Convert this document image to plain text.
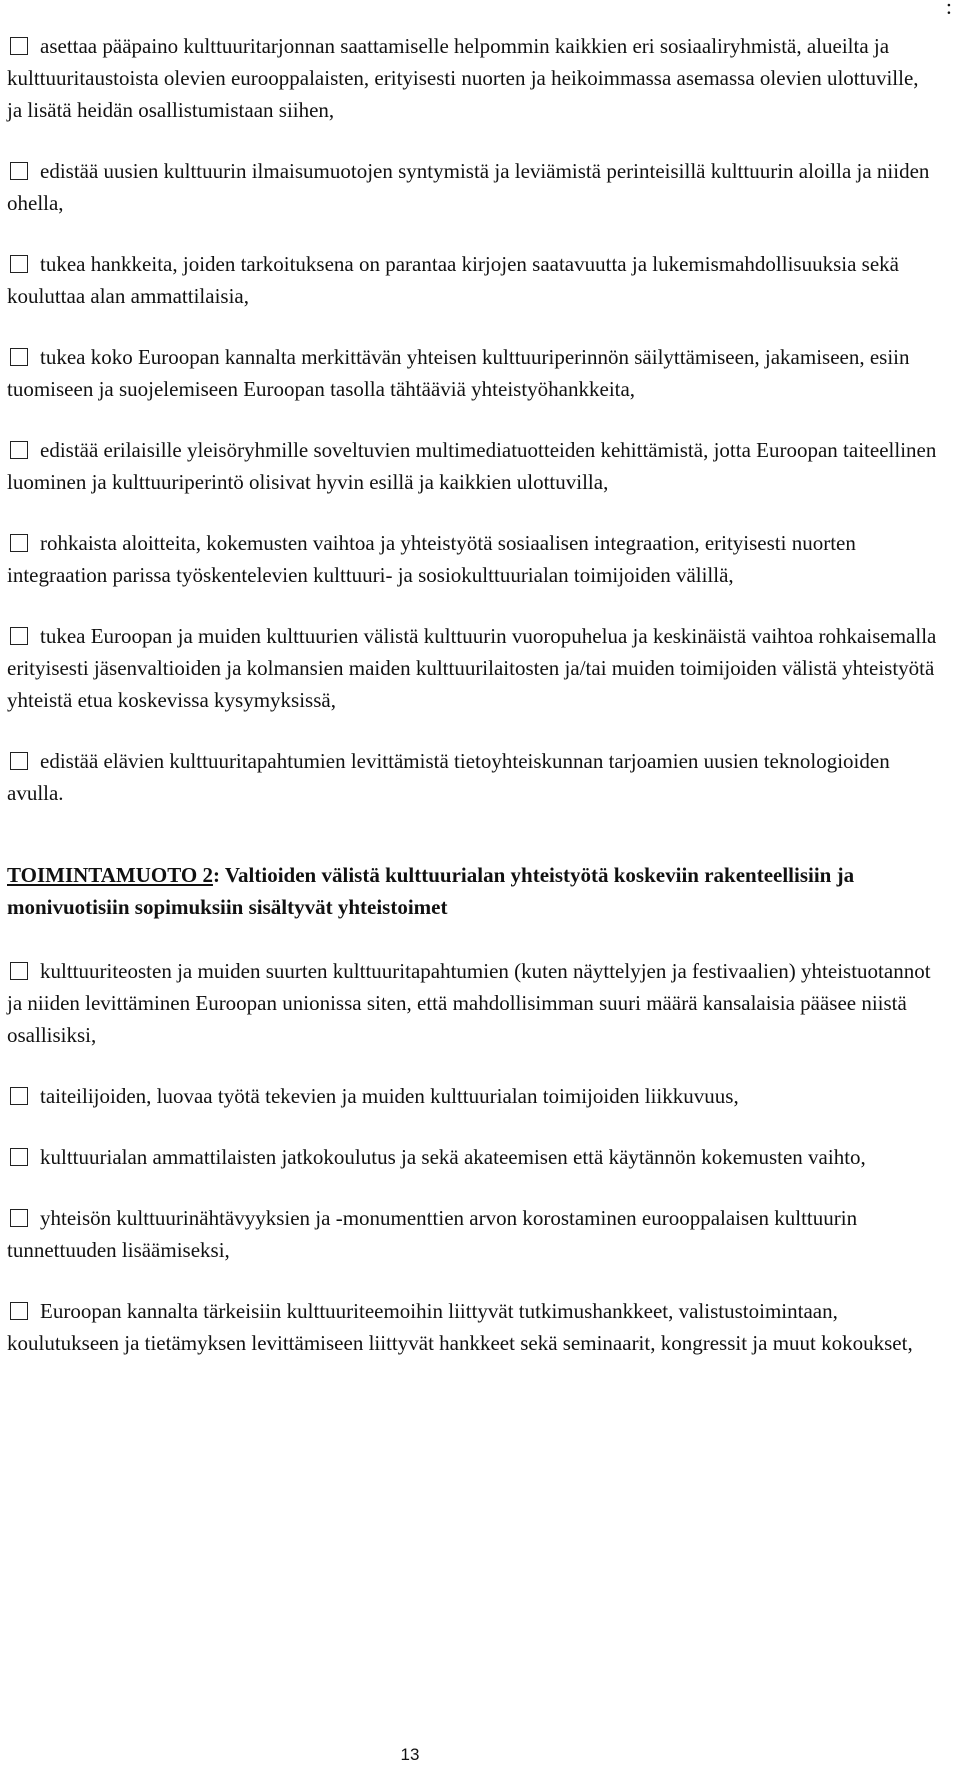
:

asettaa pääpaino kulttuuritarjonnan saattamiselle helpommin kaikkien eri sosiaaliryhmistä, alueilta ja kulttuuritaustoista olevien eurooppalaisten, erityisesti nuorten ja heikoimmassa asemassa olevien ulottuville, ja lisätä heidän osallistumistaan siihen,

edistää uusien kulttuurin ilmaisumuotojen syntymistä ja leviämistä perinteisillä kulttuurin aloilla ja niiden ohella,

tukea hankkeita, joiden tarkoituksena on parantaa kirjojen saatavuutta ja lukemismahdollisuuksia sekä kouluttaa alan ammattilaisia,

tukea koko Euroopan kannalta merkittävän yhteisen kulttuuriperinnön säilyttämiseen, jakamiseen, esiin tuomiseen ja suojelemiseen Euroopan tasolla tähtääviä yhteistyöhankkeita,

edistää erilaisille yleisöryhmille soveltuvien multimediatuotteiden kehittämistä, jotta Euroopan taiteellinen luominen ja kulttuuriperintö olisivat hyvin esillä ja kaikkien ulottuvilla,

rohkaista aloitteita, kokemusten vaihtoa ja yhteistyötä sosiaalisen integraation, erityisesti nuorten integraation parissa työskentelevien kulttuuri- ja sosiokulttuurialan toimijoiden välillä,

tukea Euroopan ja muiden kulttuurien välistä kulttuurin vuoropuhelua ja keskinäistä vaihtoa rohkaisemalla erityisesti jäsenvaltioiden ja kolmansien maiden kulttuurilaitosten ja/tai muiden toimijoiden välistä yhteistyötä yhteistä etua koskevissa kysymyksissä,

edistää elävien kulttuuritapahtumien levittämistä tietoyhteiskunnan tarjoamien uusien teknologioiden avulla.

TOIMINTAMUOTO 2: Valtioiden välistä kulttuurialan yhteistyötä koskeviin rakenteellisiin ja monivuotisiin sopimuksiin sisältyvät yhteistoimet

kulttuuriteosten ja muiden suurten kulttuuritapahtumien (kuten näyttelyjen ja festivaalien) yhteistuotannot ja niiden levittäminen Euroopan unionissa siten, että mahdollisimman suuri määrä kansalaisia pääsee niistä osallisiksi,

taiteilijoiden, luovaa työtä tekevien ja muiden kulttuurialan toimijoiden liikkuvuus,

kulttuurialan ammattilaisten jatkokoulutus ja sekä akateemisen että käytännön kokemusten vaihto,

yhteisön kulttuurinähtävyyksien ja -monumenttien arvon korostaminen eurooppalaisen kulttuurin tunnettuuden lisäämiseksi,

Euroopan kannalta tärkeisiin kulttuuriteemoihin liittyvät tutkimushankkeet, valistustoimintaan, koulutukseen ja tietämyksen levittämiseen liittyvät hankkeet sekä seminaarit, kongressit ja muut kokoukset,

13
